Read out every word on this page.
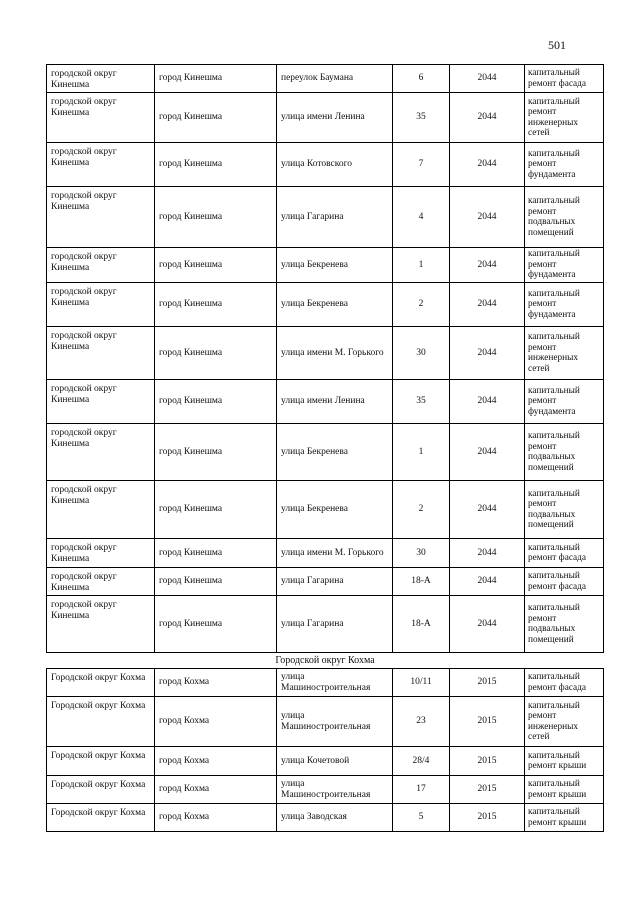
501
городской округ Кинешма	город Кинешма	переулок Баумана	6	2044	капитальный ремонт фасада
городской округ Кинешма	город Кинешма	улица имени Ленина	35	2044	капитальный ремонт инженерных сетей
городской округ Кинешма	город Кинешма	улица Котовского	7	2044	капитальный ремонт фундамента
городской округ Кинешма	город Кинешма	улица Гагарина	4	2044	капитальный ремонт подвальных помещений
городской округ Кинешма	город Кинешма	улица Бекренева	1	2044	капитальный ремонт фундамента
городской округ Кинешма	город Кинешма	улица Бекренева	2	2044	капитальный ремонт фундамента
городской округ Кинешма	город Кинешма	улица имени М. Горького	30	2044	капитальный ремонт инженерных сетей
городской округ Кинешма	город Кинешма	улица имени Ленина	35	2044	капитальный ремонт фундамента
городской округ Кинешма	город Кинешма	улица Бекренева	1	2044	капитальный ремонт подвальных помещений
городской округ Кинешма	город Кинешма	улица Бекренева	2	2044	капитальный ремонт подвальных помещений
городской округ Кинешма	город Кинешма	улица имени М. Горького	30	2044	капитальный ремонт фасада
городской округ Кинешма	город Кинешма	улица Гагарина	18-А	2044	капитальный ремонт фасада
городской округ Кинешма	город Кинешма	улица Гагарина	18-А	2044	капитальный ремонт подвальных помещений
Городской округ Кохма					
Городской округ Кохма	город Кохма	улица Машиностроительная	10/11	2015	капитальный ремонт фасада
Городской округ Кохма	город Кохма	улица Машиностроительная	23	2015	капитальный ремонт инженерных сетей
Городской округ Кохма	город Кохма	улица Кочетовой	28/4	2015	капитальный ремонт крыши
Городской округ Кохма	город Кохма	улица Машиностроительная	17	2015	капитальный ремонт крыши
Городской округ Кохма	город Кохма	улица Заводская	5	2015	капитальный ремонт крыши
